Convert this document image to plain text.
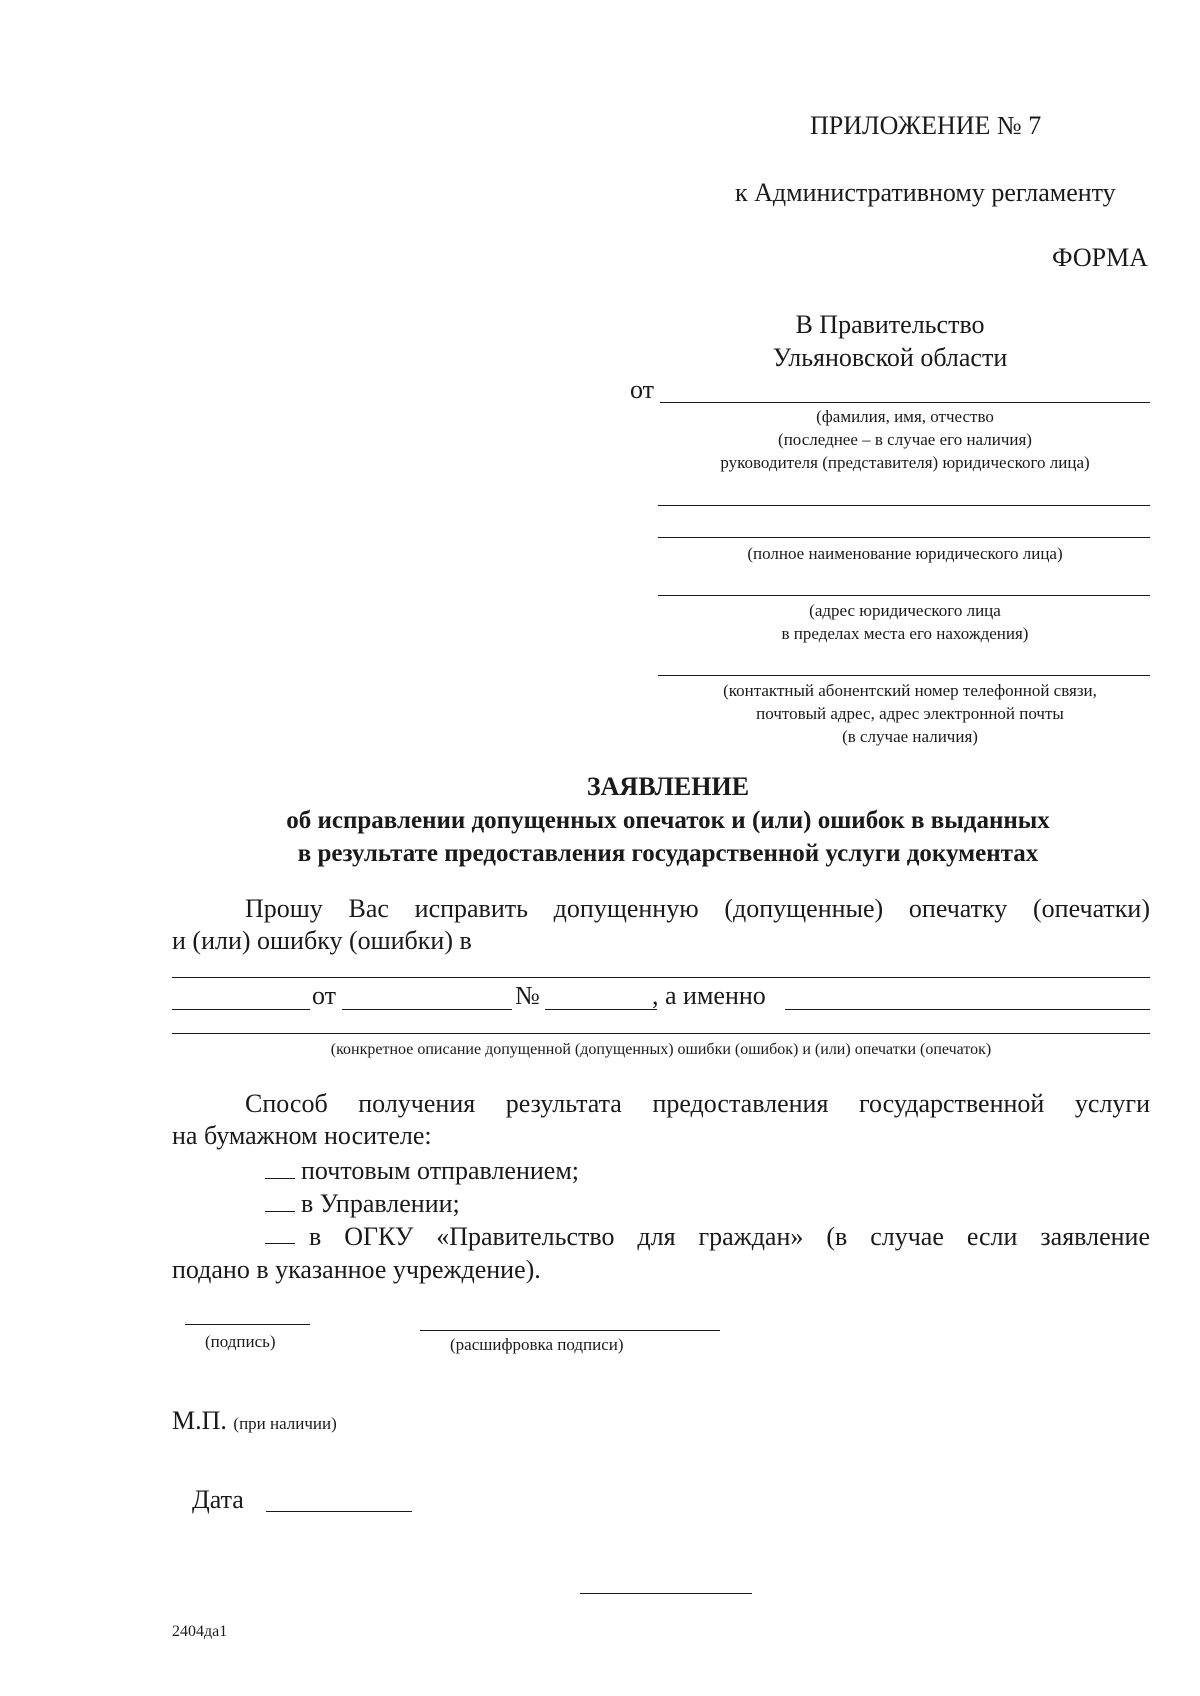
ПРИЛОЖЕНИЕ № 7
к Административному регламенту
ФОРМА
В Правительство
Ульяновской области
от
(фамилия, имя, отчество
(последнее – в случае его наличия)
руководителя (представителя) юридического лица)
(полное наименование юридического лица)
(адрес юридического лица
в пределах места его нахождения)
(контактный абонентский номер телефонной связи,
почтовый адрес, адрес электронной почты
(в случае наличия)
ЗАЯВЛЕНИЕ
об исправлении допущенных опечаток и (или) ошибок в выданных
в результате предоставления государственной услуги документах
Прошу Вас исправить допущенную (допущенные) опечатку (опечатки)
и (или) ошибку (ошибки) в
от	№	, а именно
(конкретное описание допущенной (допущенных) ошибки (ошибок) и (или) опечатки (опечаток)
Способ получения результата предоставления государственной услуги
на бумажном носителе:
почтовым отправлением;
в Управлении;
в ОГКУ «Правительство для граждан» (в случае если заявление
подано в указанное учреждение).
(подпись)	(расшифровка подписи)
М.П. (при наличии)
Дата
2404да1
